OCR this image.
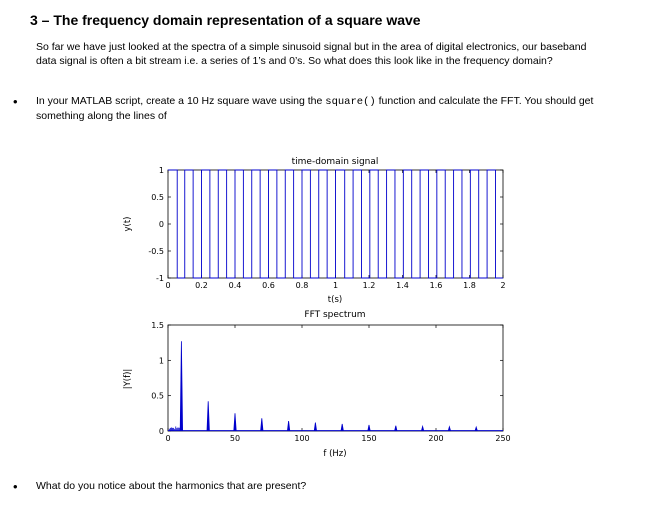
3 – The frequency domain representation of a square wave
So far we have just looked at the spectra of a simple sinusoid signal but in the area of digital electronics, our baseband data signal is often a bit stream i.e. a series of 1’s and 0’s. So what does this look like in the frequency domain?
• In your MATLAB script, create a 10 Hz square wave using the square() function and calculate the FFT. You should get something along the lines of
time-domain signal
0	0.2	0.4	0.6	0.8	1	1.2	1.4	1.6	1.8	2
-1
-0.5
0
0.5
1
t(s)
y(t)
FFT spectrum
0	50	100	150	200	250
0
0.5
1
1.5
f (Hz)
|Y(f)|
• What do you notice about the harmonics that are present?
